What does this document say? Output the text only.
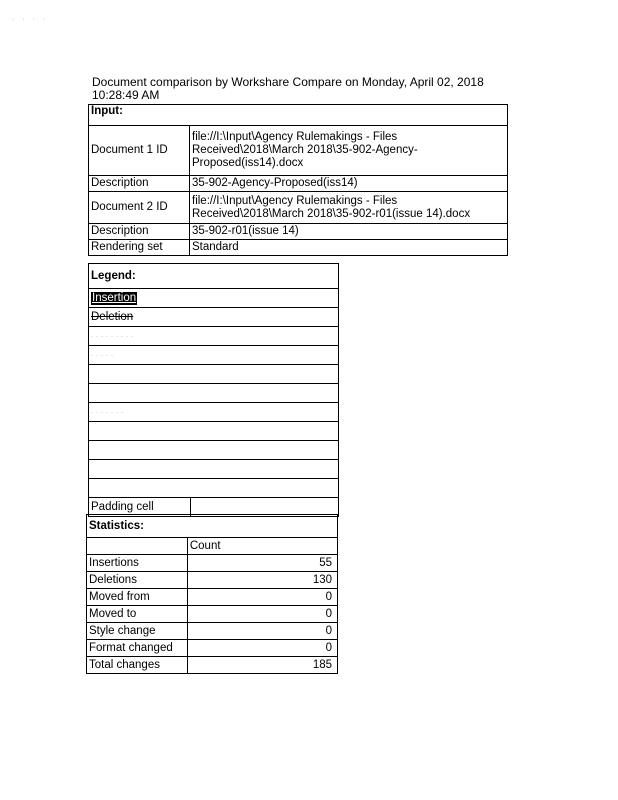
····
Document comparison by Workshare Compare on Monday, April 02, 2018
10:28:49 AM
Input:	
Document 1 ID	file://I:\Input\Agency Rulemakings - Files Received\2018\March 2018\35-902-Agency-Proposed(iss14).docx
Description	35-902-Agency-Proposed(iss14)
Document 2 ID	file://I:\Input\Agency Rulemakings - Files Received\2018\March 2018\35-902-r01(issue 14).docx
Description	35-902-r01(issue 14)
Rendering set	Standard
Legend:
Insertion
Deletion
·········
·····

·······

Padding cell	
Statistics:	
	Count
Insertions	55
Deletions	130
Moved from	0
Moved to	0
Style change	0
Format changed	0
Total changes	185
